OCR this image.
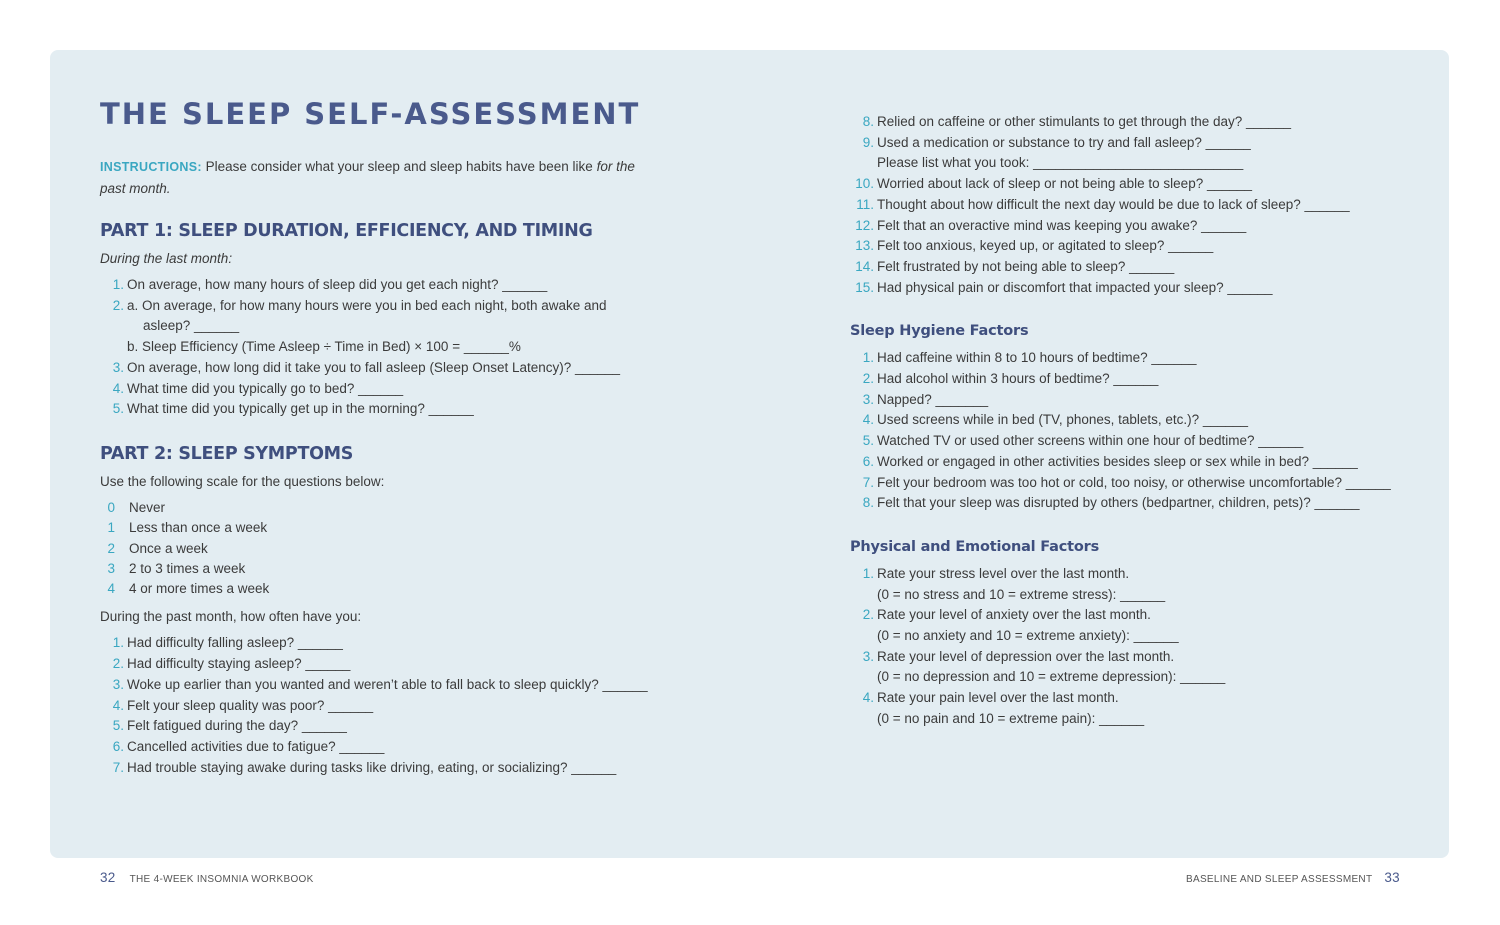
THE SLEEP SELF-ASSESSMENT

INSTRUCTIONS: Please consider what your sleep and sleep habits have been like for the past month.

PART 1: SLEEP DURATION, EFFICIENCY, AND TIMING

During the last month:

1. On average, how many hours of sleep did you get each night? ______
2. a. On average, for how many hours were you in bed each night, both awake and
asleep? ______
b. Sleep Efficiency (Time Asleep ÷ Time in Bed) × 100 = ______%
3. On average, how long did it take you to fall asleep (Sleep Onset Latency)? ______
4. What time did you typically go to bed? ______
5. What time did you typically get up in the morning? ______
PART 2: SLEEP SYMPTOMS

Use the following scale for the questions below:

0	Never
1	Less than once a week
2	Once a week
3	2 to 3 times a week
4	4 or more times a week

During the past month, how often have you:

1. Had difficulty falling asleep? ______
2. Had difficulty staying asleep? ______
3. Woke up earlier than you wanted and weren’t able to fall back to sleep quickly? ______
4. Felt your sleep quality was poor? ______
5. Felt fatigued during the day? ______
6. Cancelled activities due to fatigue? ______
7. Had trouble staying awake during tasks like driving, eating, or socializing? ______
8. Relied on caffeine or other stimulants to get through the day? ______
9. Used a medication or substance to try and fall asleep? ______
Please list what you took: ____________________________
10. Worried about lack of sleep or not being able to sleep? ______
11. Thought about how difficult the next day would be due to lack of sleep? ______
12. Felt that an overactive mind was keeping you awake? ______
13. Felt too anxious, keyed up, or agitated to sleep? ______
14. Felt frustrated by not being able to sleep? ______
15. Had physical pain or discomfort that impacted your sleep? ______
Sleep Hygiene Factors
1. Had caffeine within 8 to 10 hours of bedtime? ______
2. Had alcohol within 3 hours of bedtime? ______
3. Napped? _______
4. Used screens while in bed (TV, phones, tablets, etc.)? ______
5. Watched TV or used other screens within one hour of bedtime? ______
6. Worked or engaged in other activities besides sleep or sex while in bed? ______
7. Felt your bedroom was too hot or cold, too noisy, or otherwise uncomfortable? ______
8. Felt that your sleep was disrupted by others (bedpartner, children, pets)? ______
Physical and Emotional Factors
1. Rate your stress level over the last month.
(0 = no stress and 10 = extreme stress): ______
2. Rate your level of anxiety over the last month.
(0 = no anxiety and 10 = extreme anxiety): ______
3. Rate your level of depression over the last month.
(0 = no depression and 10 = extreme depression): ______
4. Rate your pain level over the last month.
(0 = no pain and 10 = extreme pain): ______
32 THE 4-WEEK INSOMNIA WORKBOOK	BASELINE AND SLEEP ASSESSMENT 33
